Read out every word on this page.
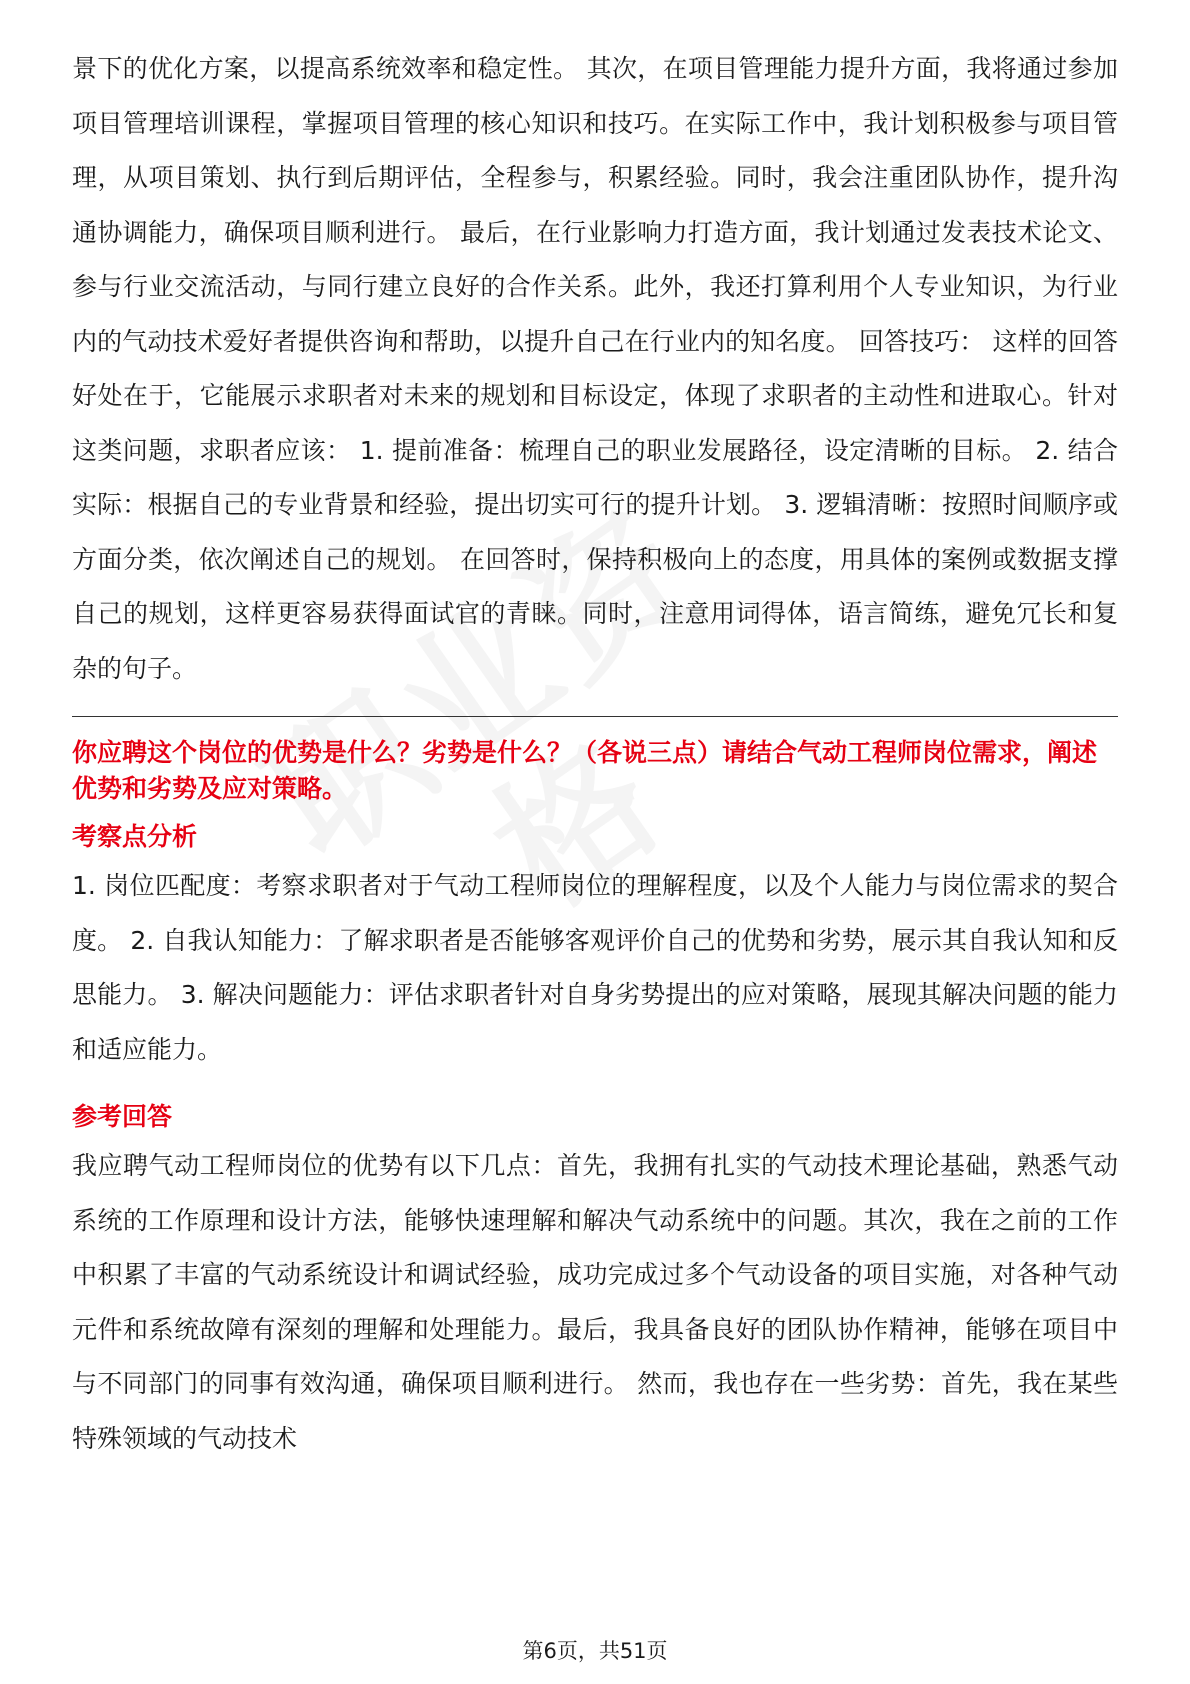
景下的优化方案，以提高系统效率和稳定性。 其次，在项目管理能力提升方面，我将通过参加项目管理培训课程，掌握项目管理的核心知识和技巧。在实际工作中，我计划积极参与项目管理，从项目策划、执行到后期评估，全程参与，积累经验。同时，我会注重团队协作，提升沟通协调能力，确保项目顺利进行。 最后，在行业影响力打造方面，我计划通过发表技术论文、参与行业交流活动，与同行建立良好的合作关系。此外，我还打算利用个人专业知识，为行业内的气动技术爱好者提供咨询和帮助，以提升自己在行业内的知名度。 回答技巧： 这样的回答好处在于，它能展示求职者对未来的规划和目标设定，体现了求职者的主动性和进取心。针对这类问题，求职者应该： 1. 提前准备：梳理自己的职业发展路径，设定清晰的目标。 2. 结合实际：根据自己的专业背景和经验，提出切实可行的提升计划。 3. 逻辑清晰：按照时间顺序或方面分类，依次阐述自己的规划。 在回答时，保持积极向上的态度，用具体的案例或数据支撑自己的规划，这样更容易获得面试官的青睐。同时，注意用词得体，语言简练，避免冗长和复杂的句子。

你应聘这个岗位的优势是什么？劣势是什么？（各说三点）请结合气动工程师岗位需求，阐述优势和劣势及应对策略。

考察点分析

1. 岗位匹配度：考察求职者对于气动工程师岗位的理解程度，以及个人能力与岗位需求的契合度。 2. 自我认知能力：了解求职者是否能够客观评价自己的优势和劣势，展示其自我认知和反思能力。 3. 解决问题能力：评估求职者针对自身劣势提出的应对策略，展现其解决问题的能力和适应能力。

参考回答

我应聘气动工程师岗位的优势有以下几点：首先，我拥有扎实的气动技术理论基础，熟悉气动系统的工作原理和设计方法，能够快速理解和解决气动系统中的问题。其次，我在之前的工作中积累了丰富的气动系统设计和调试经验，成功完成过多个气动设备的项目实施，对各种气动元件和系统故障有深刻的理解和处理能力。最后，我具备良好的团队协作精神，能够在项目中与不同部门的同事有效沟通，确保项目顺利进行。 然而，我也存在一些劣势：首先，我在某些特殊领域的气动技术

第6页，共51页
